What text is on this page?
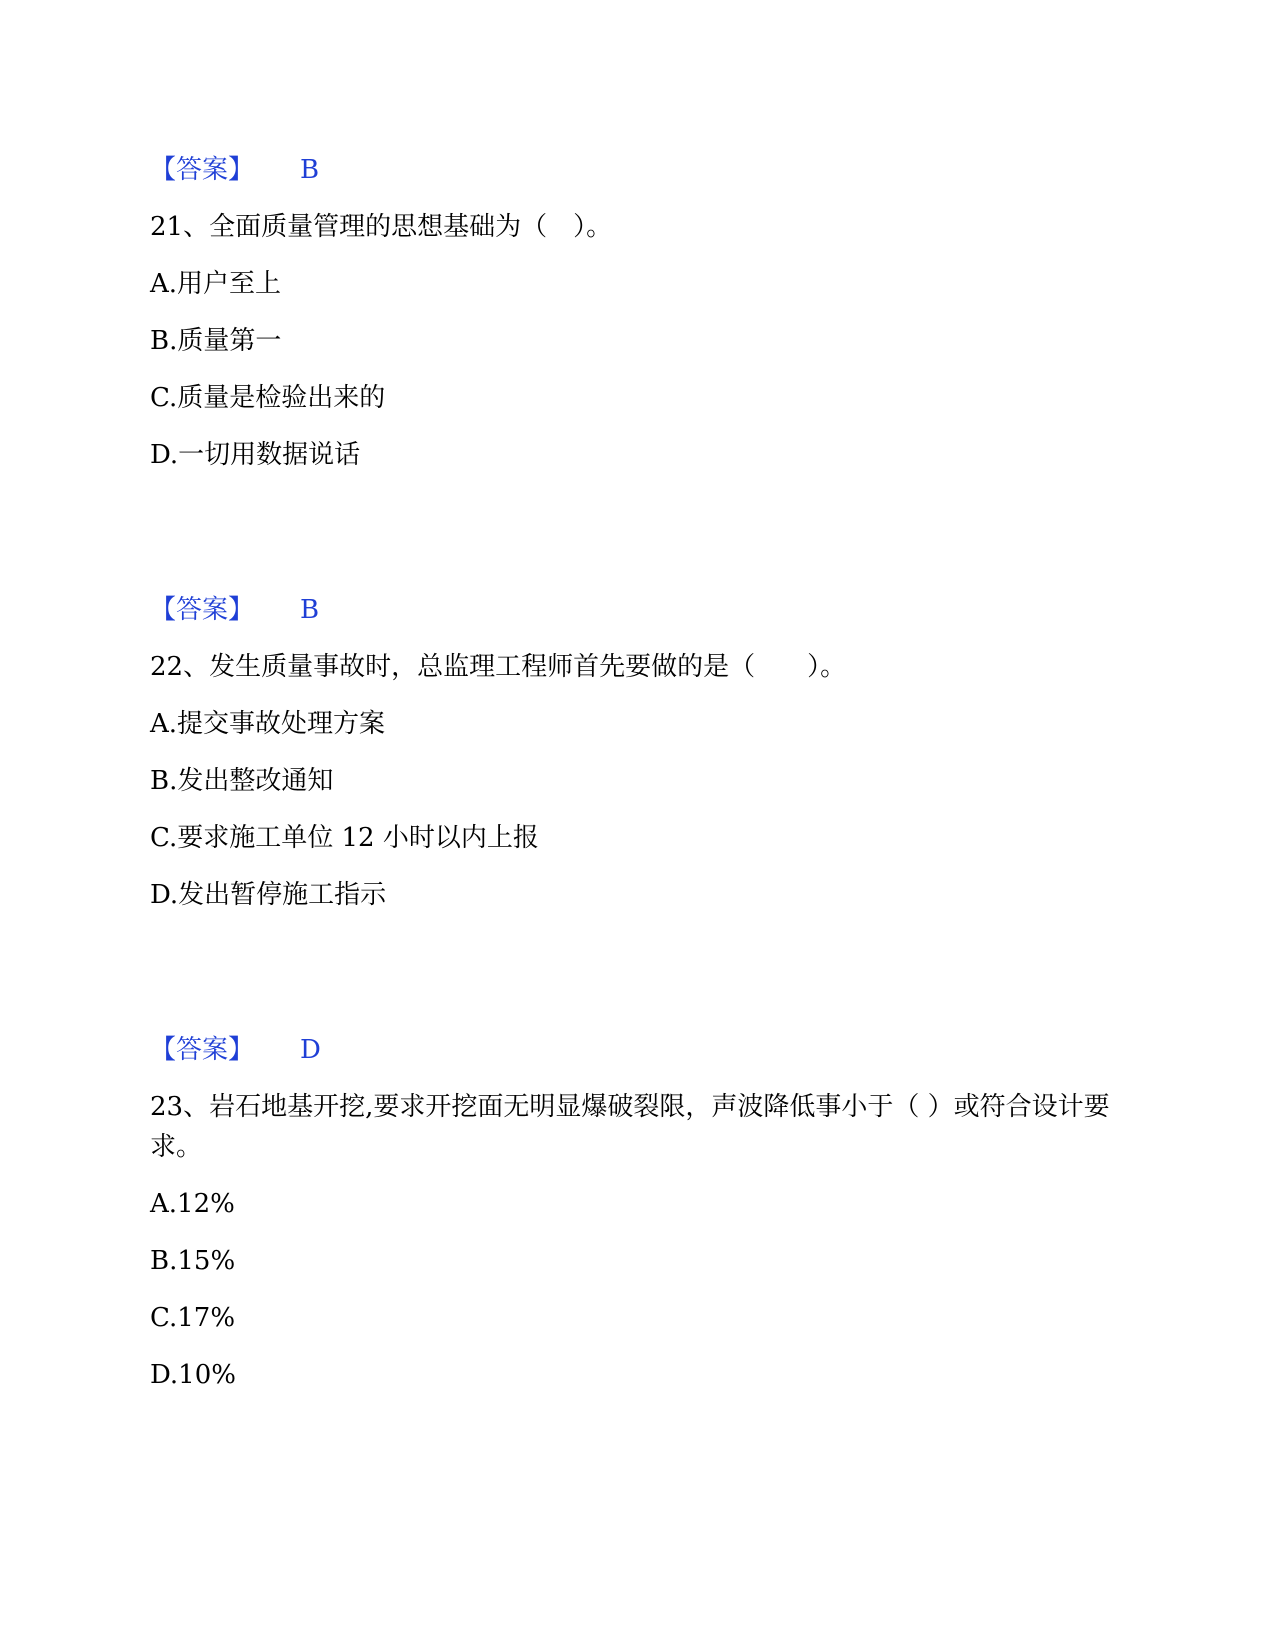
【答案】 B
21、全面质量管理的思想基础为（　）。
A.用户至上
B.质量第一
C.质量是检验出来的
D.一切用数据说话
【答案】 B
22、发生质量事故时，总监理工程师首先要做的是（　　）。
A.提交事故处理方案
B.发出整改通知
C.要求施工单位 12 小时以内上报
D.发出暂停施工指示
【答案】 D
23、岩石地基开挖,要求开挖面无明显爆破裂限，声波降低事小于（ ）或符合设计要求。
A.12%
B.15%
C.17%
D.10%
